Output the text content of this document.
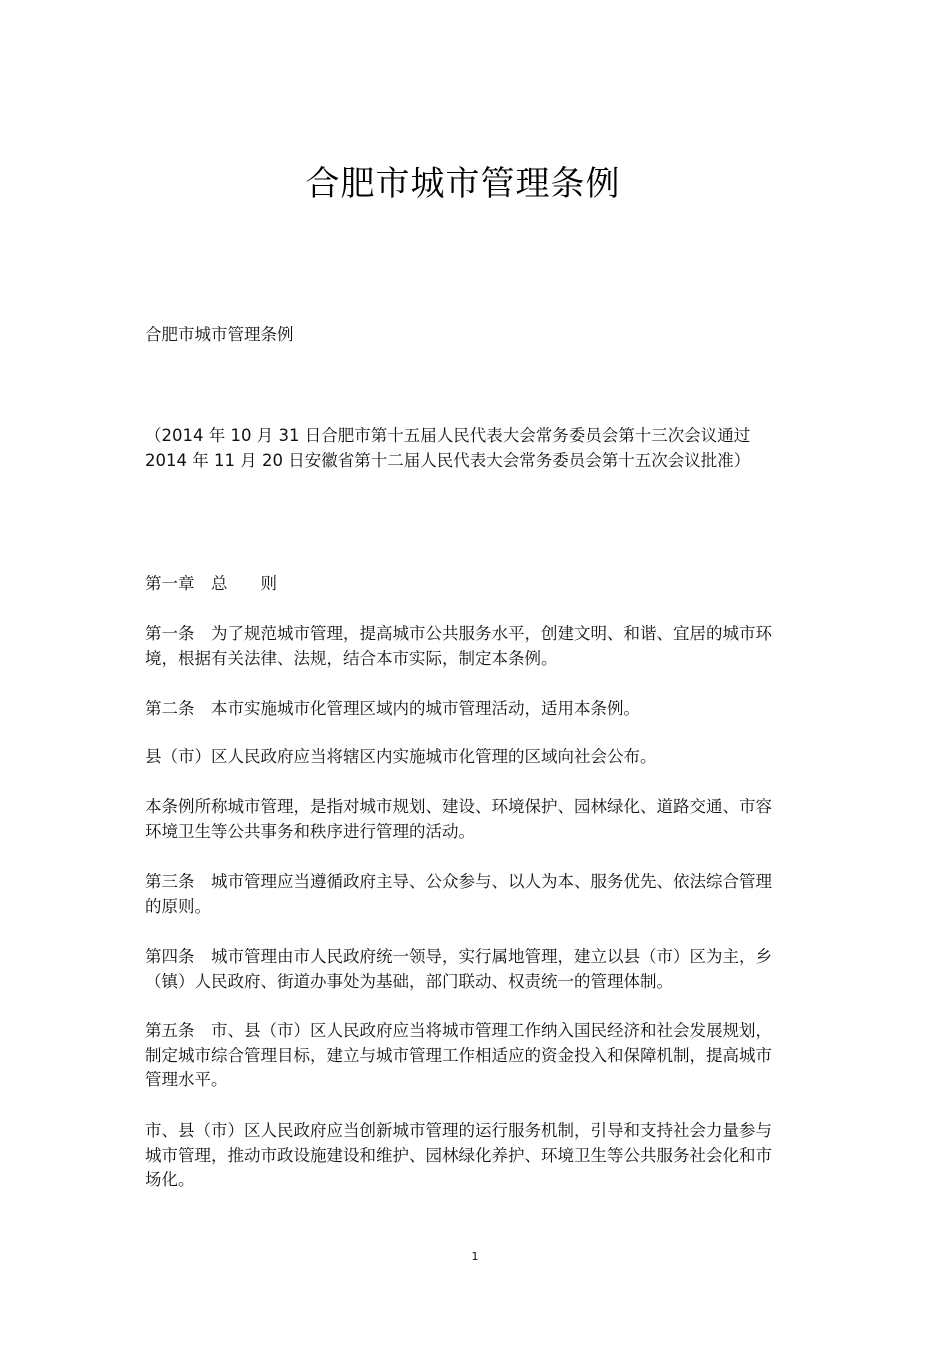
合肥市城市管理条例
合肥市城市管理条例
（2014 年 10 月 31 日合肥市第十五届人民代表大会常务委员会第十三次会议通过 2014 年 11 月 20 日安徽省第十二届人民代表大会常务委员会第十五次会议批准）
第一章　总　　则
第一条　为了规范城市管理，提高城市公共服务水平，创建文明、和谐、宜居的城市环境，根据有关法律、法规，结合本市实际，制定本条例。
第二条　本市实施城市化管理区域内的城市管理活动，适用本条例。
县（市）区人民政府应当将辖区内实施城市化管理的区域向社会公布。
本条例所称城市管理，是指对城市规划、建设、环境保护、园林绿化、道路交通、市容环境卫生等公共事务和秩序进行管理的活动。
第三条　城市管理应当遵循政府主导、公众参与、以人为本、服务优先、依法综合管理的原则。
第四条　城市管理由市人民政府统一领导，实行属地管理，建立以县（市）区为主，乡（镇）人民政府、街道办事处为基础，部门联动、权责统一的管理体制。
第五条　市、县（市）区人民政府应当将城市管理工作纳入国民经济和社会发展规划，制定城市综合管理目标，建立与城市管理工作相适应的资金投入和保障机制，提高城市管理水平。
市、县（市）区人民政府应当创新城市管理的运行服务机制，引导和支持社会力量参与城市管理，推动市政设施建设和维护、园林绿化养护、环境卫生等公共服务社会化和市场化。
1
